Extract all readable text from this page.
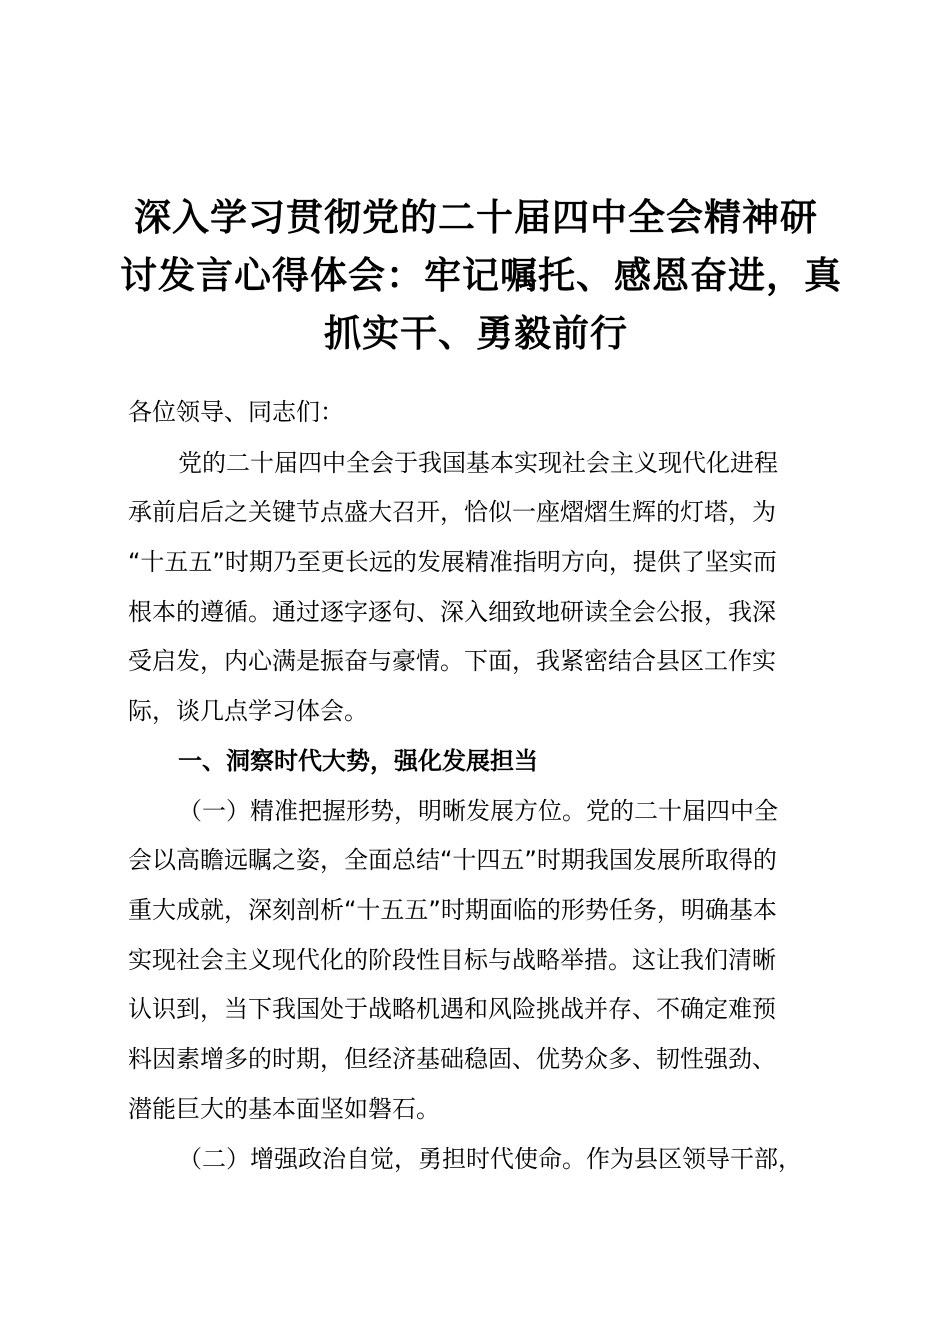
深入学习贯彻党的二十届四中全会精神研
讨发言心得体会：牢记嘱托、感恩奋进，真
抓实干、勇毅前行

各位领导、同志们：

党的二十届四中全会于我国基本实现社会主义现代化进程

承前启后之关键节点盛大召开，恰似一座熠熠生辉的灯塔，为

“十五五”时期乃至更长远的发展精准指明方向，提供了坚实而

根本的遵循。通过逐字逐句、深入细致地研读全会公报，我深

受启发，内心满是振奋与豪情。下面，我紧密结合县区工作实

际，谈几点学习体会。

一、洞察时代大势，强化发展担当

（一）精准把握形势，明晰发展方位。党的二十届四中全

会以高瞻远瞩之姿，全面总结“十四五”时期我国发展所取得的

重大成就，深刻剖析“十五五”时期面临的形势任务，明确基本

实现社会主义现代化的阶段性目标与战略举措。这让我们清晰

认识到，当下我国处于战略机遇和风险挑战并存、不确定难预

料因素增多的时期，但经济基础稳固、优势众多、韧性强劲、

潜能巨大的基本面坚如磐石。

（二）增强政治自觉，勇担时代使命。作为县区领导干部，
